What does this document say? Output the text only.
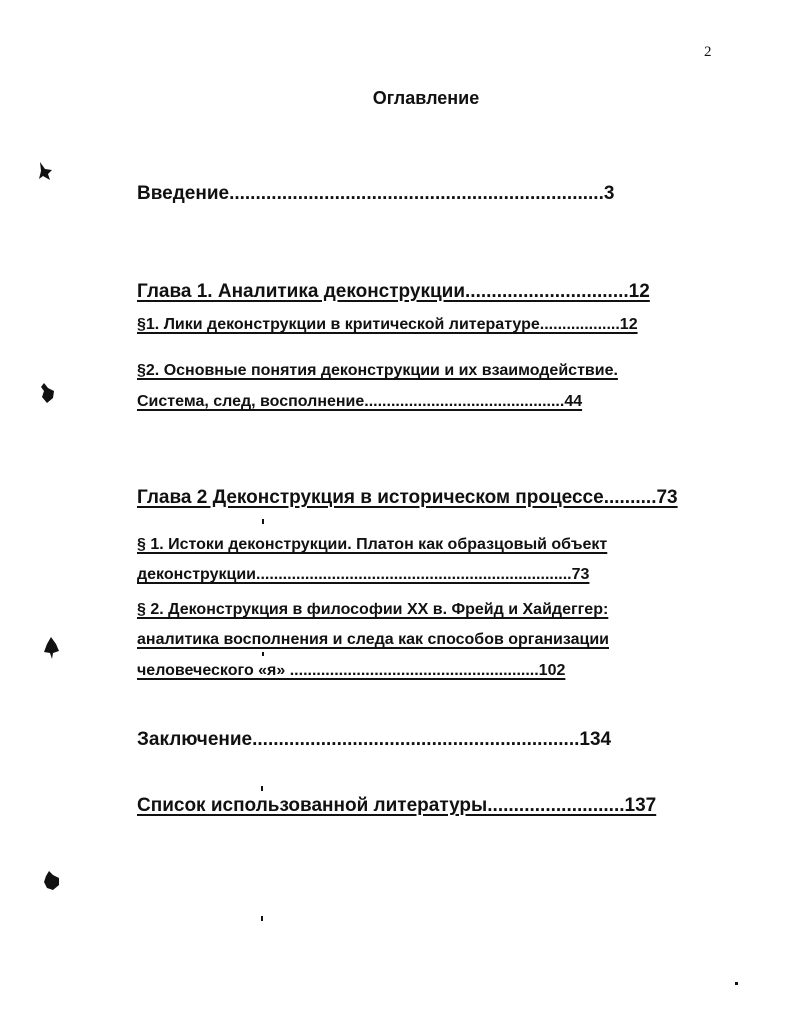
2
Оглавление
Введение.......................................................................3
Глава 1. Аналитика деконструкции...............................12
§1. Лики деконструкции в критической литературе..................12
§2. Основные понятия деконструкции и их взаимодействие.
Система, след, восполнение.............................................44
Глава 2 Деконструкция в историческом процессе..........73
§ 1. Истоки деконструкции. Платон как образцовый объект
деконструкции.......................................................................73
§ 2. Деконструкция в философии XX в. Фрейд и Хайдеггер:
аналитика восполнения и следа как способов организации
человеческого «я» ........................................................102
Заключение..............................................................134
Список использованной литературы..........................137
